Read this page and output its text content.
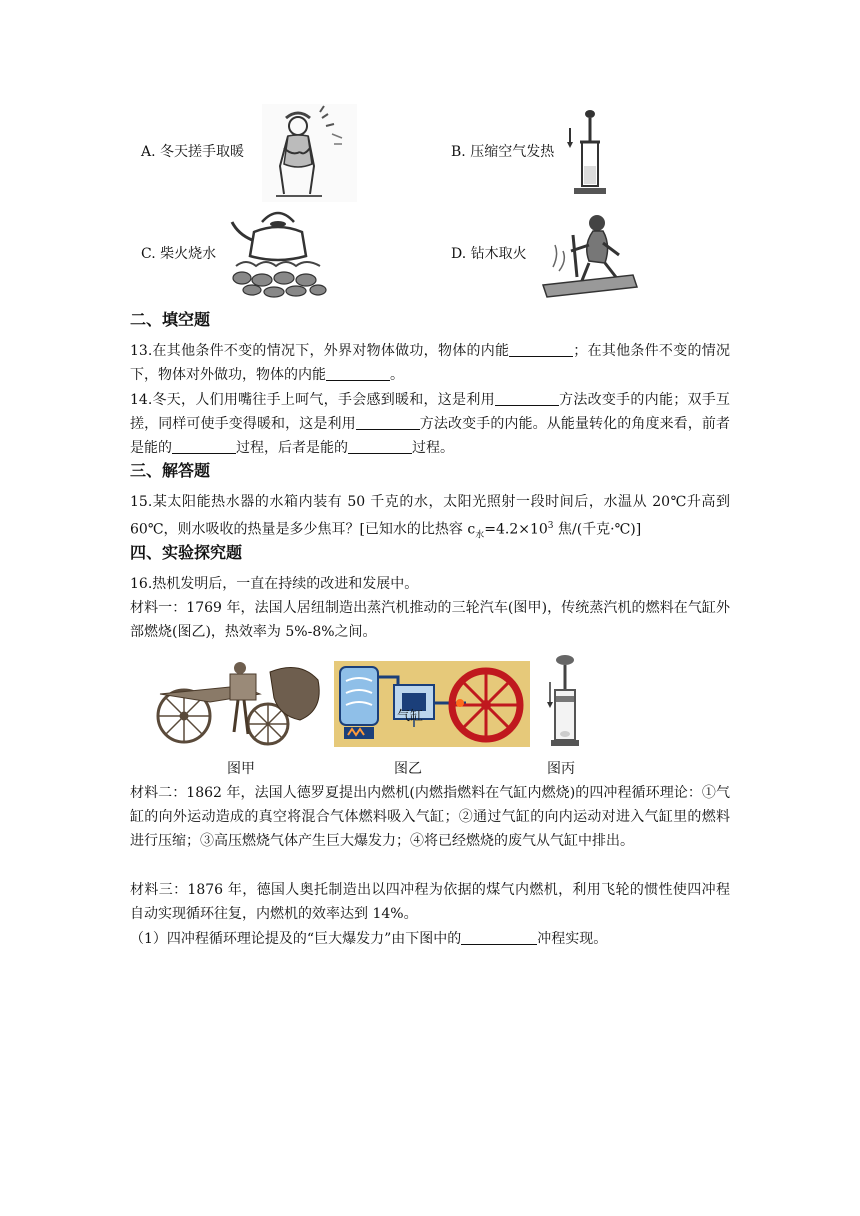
A. 冬天搓手取暖	B. 压缩空气发热
C. 柴火烧水	D. 钻木取火
二、填空题
13.在其他条件不变的情况下，外界对物体做功，物体的内能	；在其他条件不变的情况下，物体对外做功，物体的内能	。
14.冬天，人们用嘴往手上呵气，手会感到暖和，这是利用	方法改变手的内能；双手互搓，同样可使手变得暖和，这是利用	方法改变手的内能。从能量转化的角度来看，前者是能的	过程，后者是能的	过程。
三、解答题
15.某太阳能热水器的水箱内装有 50 千克的水，太阳光照射一段时间后，水温从 20℃升高到 60℃，则水吸收的热量是多少焦耳？[已知水的比热容 $c_水=4.2\times 10^3$ 焦/(千克·℃)]
四、实验探究题
16.热机发明后，一直在持续的改进和发展中。
材料一：1769 年，法国人居纽制造出蒸汽机推动的三轮汽车(图甲)，传统蒸汽机的燃料在气缸外部燃烧(图乙)，热效率为 5%-8%之间。
图甲
气缸
图乙	图丙
材料二：1862 年，法国人德罗夏提出内燃机(内燃指燃料在气缸内燃烧)的四冲程循环理论：①气缸的向外运动造成的真空将混合气体燃料吸入气缸；②通过气缸的向内运动对进入气缸里的燃料进行压缩；③高压燃烧气体产生巨大爆发力；④将已经燃烧的废气从气缸中排出。
材料三：1876 年，德国人奥托制造出以四冲程为依据的煤气内燃机，利用飞轮的惯性使四冲程自动实现循环往复，内燃机的效率达到 14%。
（1）四冲程循环理论提及的“巨大爆发力”由下图中的	冲程实现。
